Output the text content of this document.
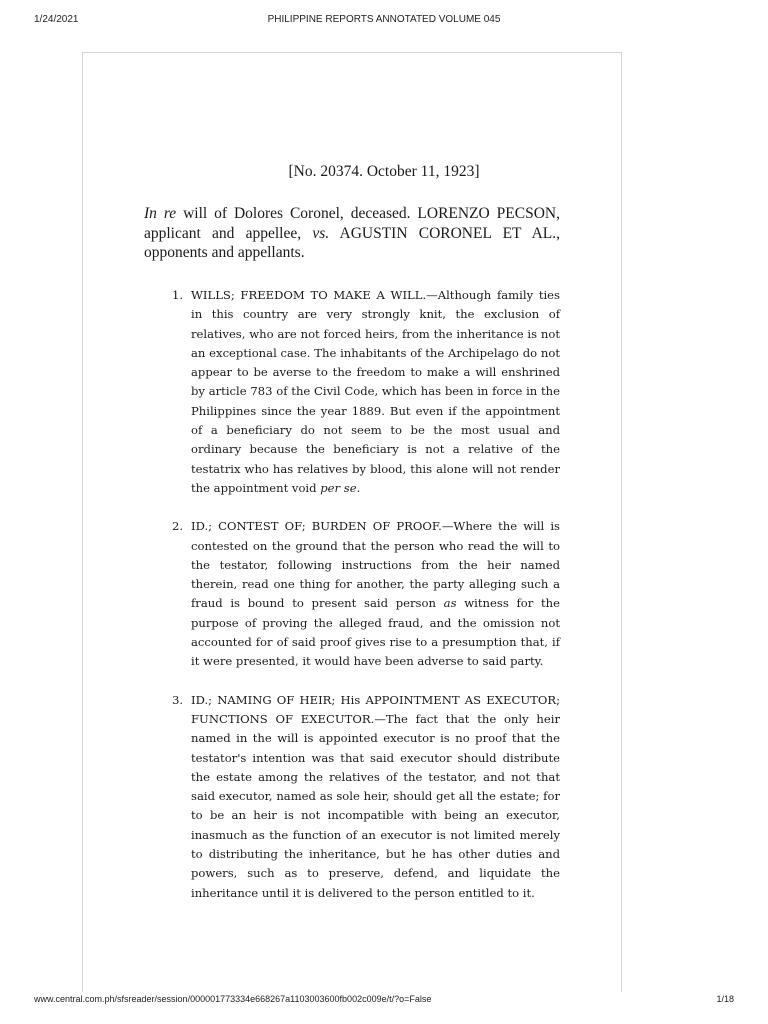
1/24/2021	PHILIPPINE REPORTS ANNOTATED VOLUME 045
[No. 20374. October 11, 1923]
In re will of Dolores Coronel, deceased. LORENZO PECSON, applicant and appellee, vs. AGUSTIN CORONEL ET AL., opponents and appellants.
1. WILLS; FREEDOM TO MAKE A WILL.—Although family ties in this country are very strongly knit, the exclusion of relatives, who are not forced heirs, from the inheritance is not an exceptional case. The inhabitants of the Archipelago do not appear to be averse to the freedom to make a will enshrined by article 783 of the Civil Code, which has been in force in the Philippines since the year 1889. But even if the appointment of a beneficiary do not seem to be the most usual and ordinary because the beneficiary is not a relative of the testatrix who has relatives by blood, this alone will not render the appointment void per se.
2. ID.; CONTEST OF; BURDEN OF PROOF.—Where the will is contested on the ground that the person who read the will to the testator, following instructions from the heir named therein, read one thing for another, the party alleging such a fraud is bound to present said person as witness for the purpose of proving the alleged fraud, and the omission not accounted for of said proof gives rise to a presumption that, if it were presented, it would have been adverse to said party.
3. ID.; NAMING OF HEIR; His APPOINTMENT AS EXECUTOR; FUNCTIONS OF EXECUTOR.—The fact that the only heir named in the will is appointed executor is no proof that the testator's intention was that said executor should distribute the estate among the relatives of the testator, and not that said executor, named as sole heir, should get all the estate; for to be an heir is not incompatible with being an executor, inasmuch as the function of an executor is not limited merely to distributing the inheritance, but he has other duties and powers, such as to preserve, defend, and liquidate the inheritance until it is delivered to the person entitled to it.
www.central.com.ph/sfsreader/session/000001773334e668267a1103003600fb002c009e/t/?o=False	1/18
